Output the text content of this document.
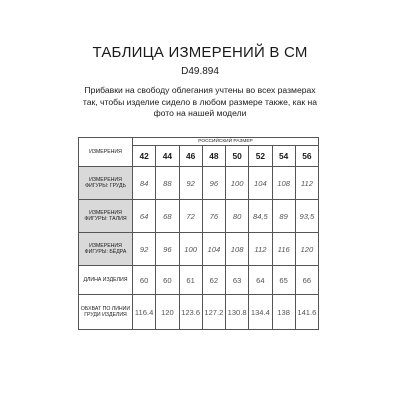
ТАБЛИЦА ИЗМЕРЕНИЙ В СМ
D49.894
Прибавки на свободу облегания учтены во всех размерах так, чтобы изделие сидело в любом размере также, как на фото на нашей модели
ИЗМЕРЕНИЯ	РОССИЙСКИЙ РАЗМЕР							
	42	44	46	48	50	52	54	56
ИЗМЕРЕНИЯ ФИГУРЫ: ГРУДЬ	84	88	92	96	100	104	108	112
ИЗМЕРЕНИЯ ФИГУРЫ: ТАЛИЯ	64	68	72	76	80	84,5	89	93,5
ИЗМЕРЕНИЯ ФИГУРЫ: БЁДРА	92	96	100	104	108	112	116	120
ДЛИНА ИЗДЕЛИЯ	60	60	61	62	63	64	65	66
ОБХВАТ ПО ЛИНИИ ГРУДИ ИЗДЕЛИЯ	116.4	120	123.6	127.2	130.8	134.4	138	141.6
